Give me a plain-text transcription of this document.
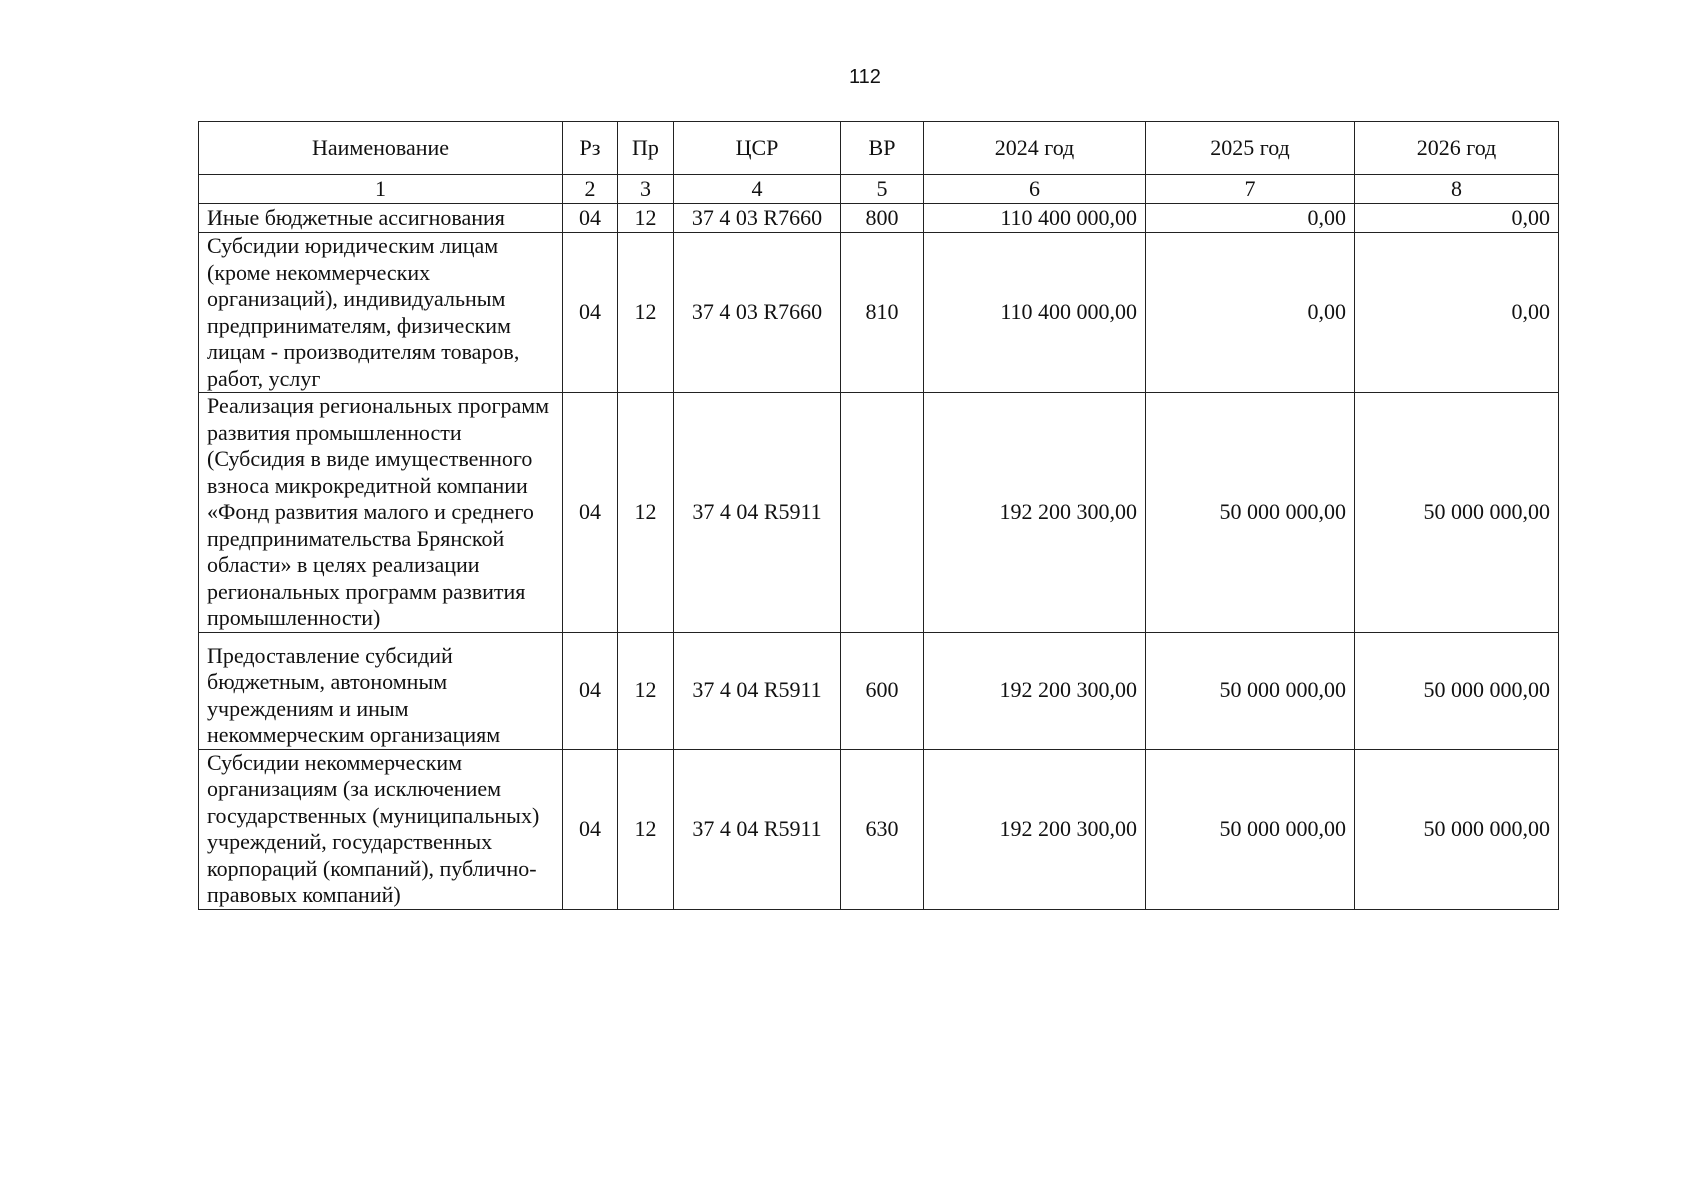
112
Наименование	Рз	Пр	ЦСР	ВР	2024 год	2025 год	2026 год
1	2	3	4	5	6	7	8
Иные бюджетные ассигнования	04	12	37 4 03 R7660	800	110 400 000,00	0,00	0,00
Субсидии юридическим лицам (кроме некоммерческих организаций), индивидуальным предпринимателям, физическим лицам - производителям товаров, работ, услуг	04	12	37 4 03 R7660	810	110 400 000,00	0,00	0,00
Реализация региональных программ развития промышленности (Субсидия в виде имущественного взноса микрокредитной компании «Фонд развития малого и среднего предпринимательства Брянской области» в целях реализации региональных программ развития промышленности)	04	12	37 4 04 R5911		192 200 300,00	50 000 000,00	50 000 000,00
Предоставление субсидий бюджетным, автономным учреждениям и иным некоммерческим организациям	04	12	37 4 04 R5911	600	192 200 300,00	50 000 000,00	50 000 000,00
Субсидии некоммерческим организациям (за исключением государственных (муниципальных) учреждений, государственных корпораций (компаний), публично-правовых компаний)	04	12	37 4 04 R5911	630	192 200 300,00	50 000 000,00	50 000 000,00
